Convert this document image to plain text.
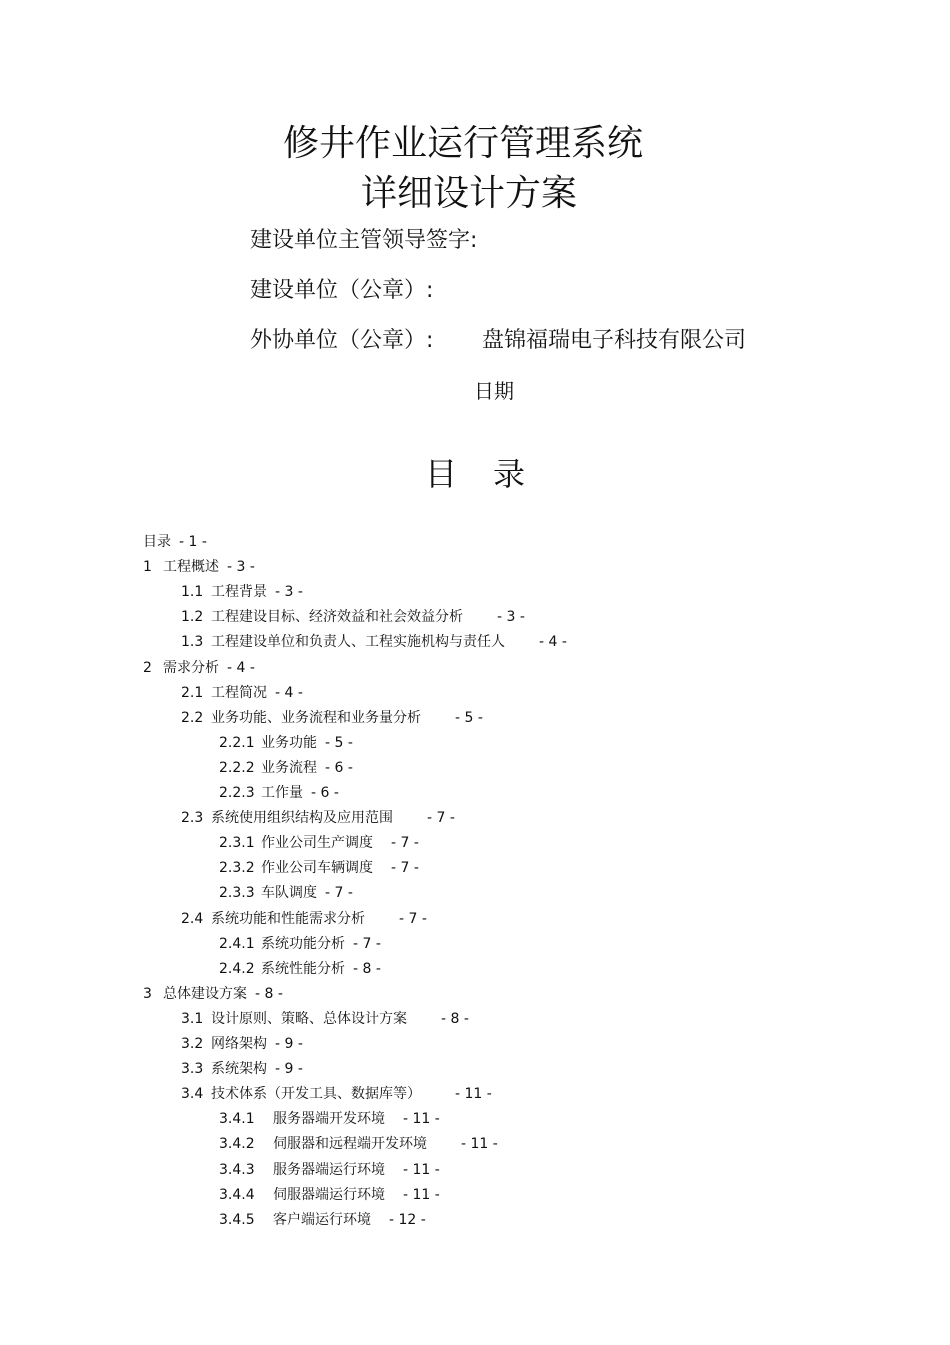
修井作业运行管理系统
详细设计方案
建设单位主管领导签字:
建设单位（公章）:
外协单位（公章）: 盘锦福瑞电子科技有限公司
日期
目录
目录 - 1 -
1 工程概述 - 3 -
1.1 工程背景 - 3 -
1.2 工程建设目标、经济效益和社会效益分析 - 3 -
1.3 工程建设单位和负责人、工程实施机构与责任人 - 4 -
2 需求分析 - 4 -
2.1 工程简况 - 4 -
2.2 业务功能、业务流程和业务量分析 - 5 -
2.2.1 业务功能 - 5 -
2.2.2 业务流程 - 6 -
2.2.3 工作量 - 6 -
2.3 系统使用组织结构及应用范围 - 7 -
2.3.1 作业公司生产调度 - 7 -
2.3.2 作业公司车辆调度 - 7 -
2.3.3 车队调度 - 7 -
2.4 系统功能和性能需求分析 - 7 -
2.4.1 系统功能分析 - 7 -
2.4.2 系统性能分析 - 8 -
3 总体建设方案 - 8 -
3.1 设计原则、策略、总体设计方案 - 8 -
3.2 网络架构 - 9 -
3.3 系统架构 - 9 -
3.4 技术体系（开发工具、数据库等） - 11 -
3.4.1 服务器端开发环境 - 11 -
3.4.2 伺服器和远程端开发环境 - 11 -
3.4.3 服务器端运行环境 - 11 -
3.4.4 伺服器端运行环境 - 11 -
3.4.5 客户端运行环境 - 12 -
